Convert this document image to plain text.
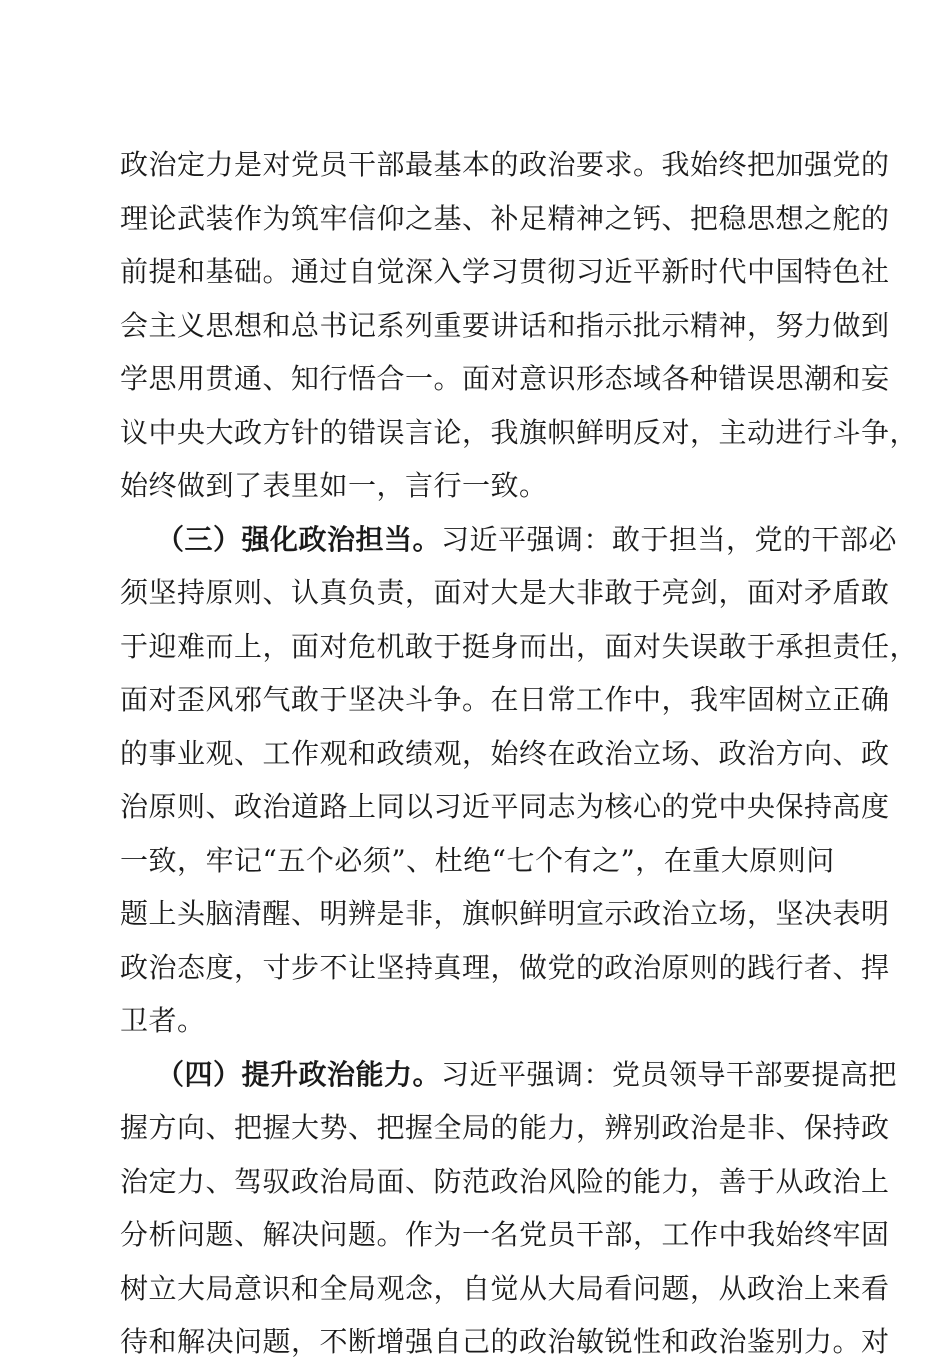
政治定力是对党员干部最基本的政治要求。我始终把加强党的
理论武装作为筑牢信仰之基、补足精神之钙、把稳思想之舵的
前提和基础。通过自觉深入学习贯彻习近平新时代中国特色社
会主义思想和总书记系列重要讲话和指示批示精神，努力做到
学思用贯通、知行悟合一。面对意识形态域各种错误思潮和妄
议中央大政方针的错误言论，我旗帜鲜明反对，主动进行斗争，
始终做到了表里如一，言行一致。
（三）强化政治担当。习近平强调：敢于担当，党的干部必
须坚持原则、认真负责，面对大是大非敢于亮剑，面对矛盾敢
于迎难而上，面对危机敢于挺身而出，面对失误敢于承担责任，
面对歪风邪气敢于坚决斗争。在日常工作中，我牢固树立正确
的事业观、工作观和政绩观，始终在政治立场、政治方向、政
治原则、政治道路上同以习近平同志为核心的党中央保持高度
一致，牢记“五个必须”、杜绝“七个有之”，在重大原则问
题上头脑清醒、明辨是非，旗帜鲜明宣示政治立场，坚决表明
政治态度，寸步不让坚持真理，做党的政治原则的践行者、捍
卫者。
（四）提升政治能力。习近平强调：党员领导干部要提高把
握方向、把握大势、把握全局的能力，辨别政治是非、保持政
治定力、驾驭政治局面、防范政治风险的能力，善于从政治上
分析问题、解决问题。作为一名党员干部，工作中我始终牢固
树立大局意识和全局观念，自觉从大局看问题，从政治上来看
待和解决问题，不断增强自己的政治敏锐性和政治鉴别力。对
